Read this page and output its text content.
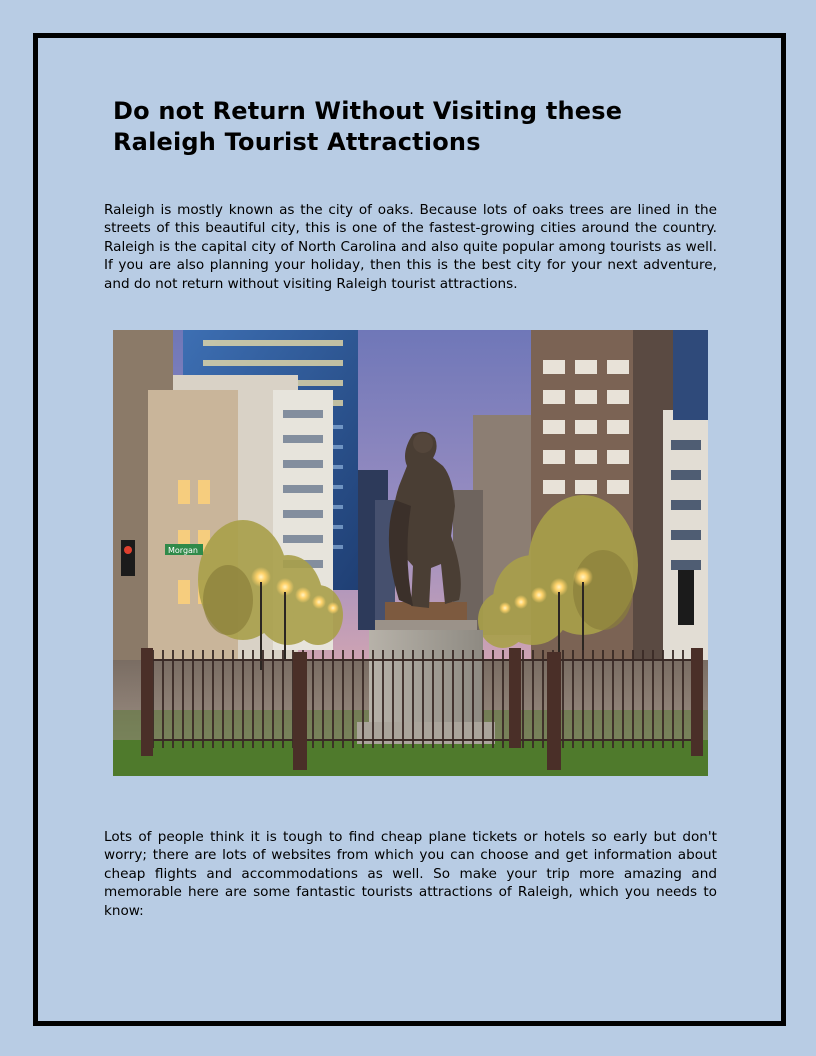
Do not Return Without Visiting these Raleigh Tourist Attractions

Raleigh is mostly known as the city of oaks. Because lots of oaks trees are lined in the streets of this beautiful city, this is one of the fastest-growing cities around the country. Raleigh is the capital city of North Carolina and also quite popular among tourists as well. If you are also planning your holiday, then this is the best city for your next adventure, and do not return without visiting Raleigh tourist attractions.

Morgan

Lots of people think it is tough to find cheap plane tickets or hotels so early but don't worry; there are lots of websites from which you can choose and get information about cheap flights and accommodations as well. So make your trip more amazing and memorable here are some fantastic tourists attractions of Raleigh, which you needs to know:
